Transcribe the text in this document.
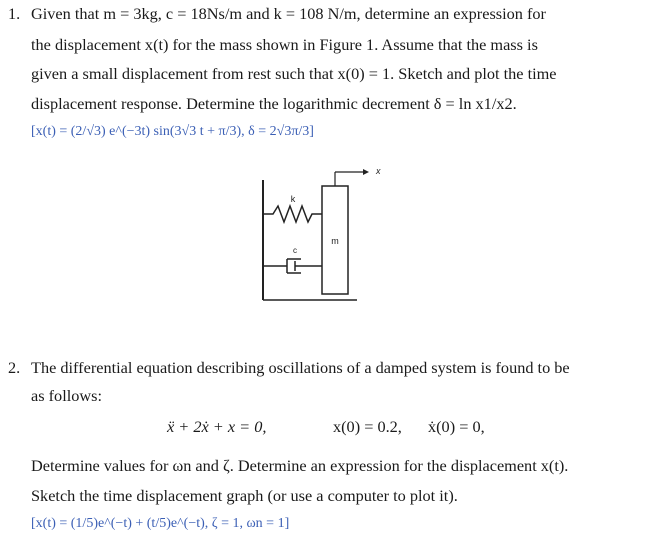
1. Given that m = 3kg, c = 18Ns/m and k = 108 N/m, determine an expression for
the displacement x(t) for the mass shown in Figure 1. Assume that the mass is
given a small displacement from rest such that x(0) = 1. Sketch and plot the time
displacement response. Determine the logarithmic decrement δ = ln x1/x2.
[x(t) = (2/√3) e^(−3t) sin(3√3 t + π/3), δ = 2√3π/3]
k
c
m
x
2. The differential equation describing oscillations of a damped system is found to be
as follows:
ẍ + 2ẋ + x = 0,	x(0) = 0.2, ẋ(0) = 0,
Determine values for ωn and ζ. Determine an expression for the displacement x(t).
Sketch the time displacement graph (or use a computer to plot it).
[x(t) = (1/5)e^(−t) + (t/5)e^(−t), ζ = 1, ωn = 1]
